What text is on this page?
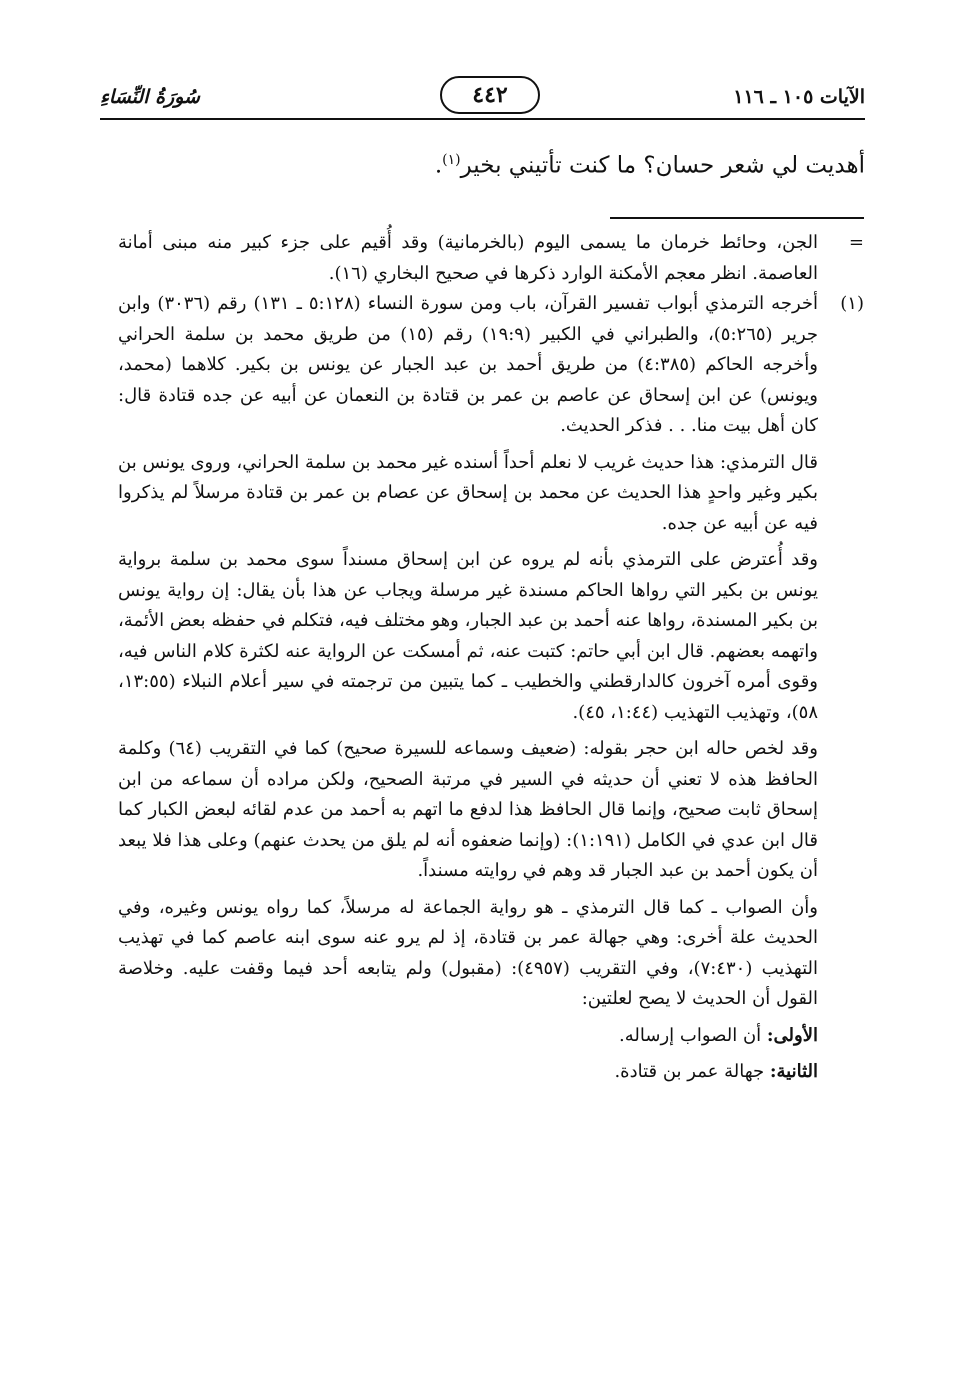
الآيات ١٠٥ ـ ١١٦
٤٤٢
سُورَةُ النِّسَاءِ
أهديت لي شعر حسان؟ ما كنت تأتيني بخير$^{(١)}$.
=
الجن، وحائط خرمان ما يسمى اليوم (بالخرمانية) وقد أُقيم على جزء كبير منه مبنى أمانة العاصمة. انظر معجم الأمكنة الوارد ذكرها في صحيح البخاري (١٦).
(١)
أخرجه الترمذي أبواب تفسير القرآن، باب ومن سورة النساء (٥:١٢٨ ـ ١٣١) رقم (٣٠٣٦) وابن جرير (٥:٢٦٥)، والطبراني في الكبير (١٩:٩) رقم (١٥) من طريق محمد بن سلمة الحراني وأخرجه الحاكم (٤:٣٨٥) من طريق أحمد بن عبد الجبار عن يونس بن بكير. كلاهما (محمد، ويونس) عن ابن إسحاق عن عاصم بن عمر بن قتادة بن النعمان عن أبيه عن جده قتادة قال: كان أهل بيت منا. . . فذكر الحديث.
قال الترمذي: هذا حديث غريب لا نعلم أحداً أسنده غير محمد بن سلمة الحراني، وروى يونس بن بكير وغير واحدٍ هذا الحديث عن محمد بن إسحاق عن عصام بن عمر بن قتادة مرسلاً لم يذكروا فيه عن أبيه عن جده.
وقد أُعترض على الترمذي بأنه لم يروه عن ابن إسحاق مسنداً سوى محمد بن سلمة برواية يونس بن بكير التي رواها الحاكم مسندة غير مرسلة ويجاب عن هذا بأن يقال: إن رواية يونس بن بكير المسندة، رواها عنه أحمد بن عبد الجبار، وهو مختلف فيه، فتكلم في حفظه بعض الأئمة، واتهمه بعضهم. قال ابن أبي حاتم: كتبت عنه، ثم أمسكت عن الرواية عنه لكثرة كلام الناس فيه، وقوى أمره آخرون كالدارقطني والخطيب ـ كما يتبين من ترجمته في سير أعلام النبلاء (١٣:٥٥، ٥٨)، وتهذيب التهذيب (١:٤٤، ٤٥).
وقد لخص حاله ابن حجر بقوله: (ضعيف وسماعه للسيرة صحيح) كما في التقريب (٦٤) وكلمة الحافظ هذه لا تعني أن حديثه في السير في مرتبة الصحيح، ولكن مراده أن سماعه من ابن إسحاق ثابت صحيح، وإنما قال الحافظ هذا لدفع ما اتهم به أحمد من عدم لقائه لبعض الكبار كما قال ابن عدي في الكامل (١:١٩١): (وإنما ضعفوه أنه لم يلق من يحدث عنهم) وعلى هذا فلا يبعد أن يكون أحمد بن عبد الجبار قد وهم في روايته مسنداً.
وأن الصواب ـ كما قال الترمذي ـ هو رواية الجماعة له مرسلاً، كما رواه يونس وغيره، وفي الحديث علة أخرى: وهي جهالة عمر بن قتادة، إذ لم يرو عنه سوى ابنه عاصم كما في تهذيب التهذيب (٧:٤٣٠)، وفي التقريب (٤٩٥٧): (مقبول) ولم يتابعه أحد فيما وقفت عليه. وخلاصة القول أن الحديث لا يصح لعلتين:
الأولى: أن الصواب إرساله.
الثانية: جهالة عمر بن قتادة.
